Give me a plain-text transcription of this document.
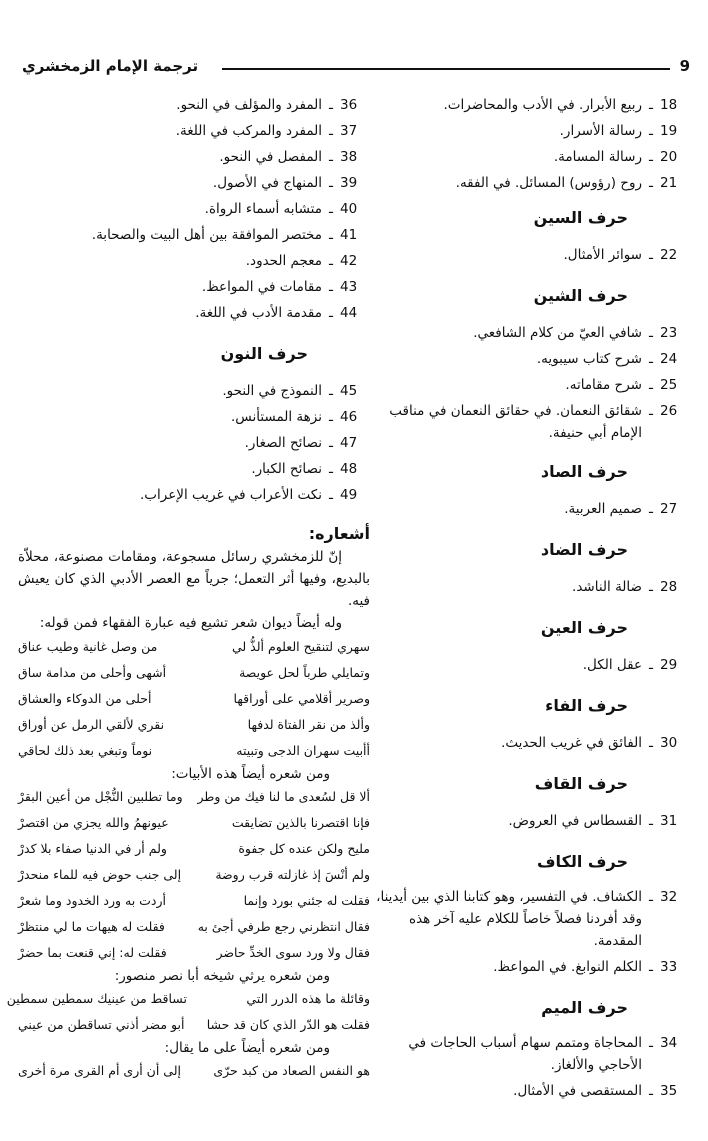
ترجمة الإمام الزمخشري	9
18
ـ
ربيع الأبرار. في الأدب والمحاضرات.
19
ـ
رسالة الأسرار.
20
ـ
رسالة المسامة.
21
ـ
روح (رؤوس) المسائل. في الفقه.
حرف السين
22
ـ
سوائر الأمثال.
حرف الشين
23
ـ
شافي العيّ من كلام الشافعي.
24
ـ
شرح كتاب سيبويه.
25
ـ
شرح مقاماته.
26
ـ
شقائق النعمان. في حقائق النعمان في مناقب الإمام أبي حنيفة.
حرف الصاد
27
ـ
صميم العربية.
حرف الضاد
28
ـ
ضالة الناشد.
حرف العين
29
ـ
عقل الكل.
حرف الفاء
30
ـ
الفائق في غريب الحديث.
حرف القاف
31
ـ
القسطاس في العروض.
حرف الكاف
32
ـ
الكشاف. في التفسير، وهو كتابنا الذي بين أيدينا، وقد أفردنا فصلاً خاصاً للكلام عليه آخر هذه المقدمة.
33
ـ
الكلم النوابغ. في المواعظ.
حرف الميم
34
ـ
المحاجاة ومتمم سهام أسباب الحاجات في الأحاجي والألغاز.
35
ـ
المستقصى في الأمثال.
36
ـ
المفرد والمؤلف في النحو.
37
ـ
المفرد والمركب في اللغة.
38
ـ
المفصل في النحو.
39
ـ
المنهاج في الأصول.
40
ـ
متشابه أسماء الرواة.
41
ـ
مختصر الموافقة بين أهل البيت والصحابة.
42
ـ
معجم الحدود.
43
ـ
مقامات في المواعظ.
44
ـ
مقدمة الأدب في اللغة.
حرف النون
45
ـ
النموذج في النحو.
46
ـ
نزهة المستأنس.
47
ـ
نصائح الصغار.
48
ـ
نصائح الكبار.
49
ـ
نكت الأعراب في غريب الإعراب.
أشعاره:

إنّ للزمخشري رسائل مسجوعة، ومقامات مصنوعة، محلاّة بالبديع، وفيها أثر التعمل؛ جرياً مع العصر الأدبي الذي كان يعيش فيه.

وله أيضاً ديوان شعر تشيع فيه عبارة الفقهاء فمن قوله:

سهري لتنقيح العلوم ألذُّ لي
من وصل غانية وطيب عناق
وتمايلي طرباً لحل عويصة
أشهى وأحلى من مدامة ساق
وصرير أقلامي على أوراقها
أحلى من الدوكاء والعشاق
وألذ من نقر الفتاة لدفها
نقري لألقي الرمل عن أوراق
أأبيت سهران الدجى وتبيته
نوماً وتبغي بعد ذلك لحاقي
ومن شعره أيضاً هذه الأبيات:
ألا قل لسُعدى ما لنا فيك من وطر
وما تطلبين النُّجْل من أعين البقرْ
فإنا اقتصرنا بالذين تضايقت
عيونهمُ والله يجزي من اقتصرْ
مليح ولكن عنده كل جفوة
ولم أر في الدنيا صفاء بلا كدرْ
ولم أنْسَ إذ غازلته قرب روضة
إلى جنب حوض فيه للماء منحدرْ
فقلت له جئني بورد وإنما
أردت به ورد الخدود وما شعرْ
فقال انتظرني رجع طرفي أجئ به
فقلت له هيهات ما لي منتظرْ
فقال ولا ورد سوى الخدِّ حاضر
فقلت له: إني قنعت بما حضرْ
ومن شعره يرثي شيخه أبا نصر منصور:
وقائلة ما هذه الدرر التي
تساقط من عينيك سمطين سمطين
فقلت هو الدّر الذي كان قد حشا
أبو مضر أذني تساقطن من عيني
ومن شعره أيضاً على ما يقال:
هو النفس الصعاد من كبد حرّى
إلى أن أرى أم القرى مرة أخرى
